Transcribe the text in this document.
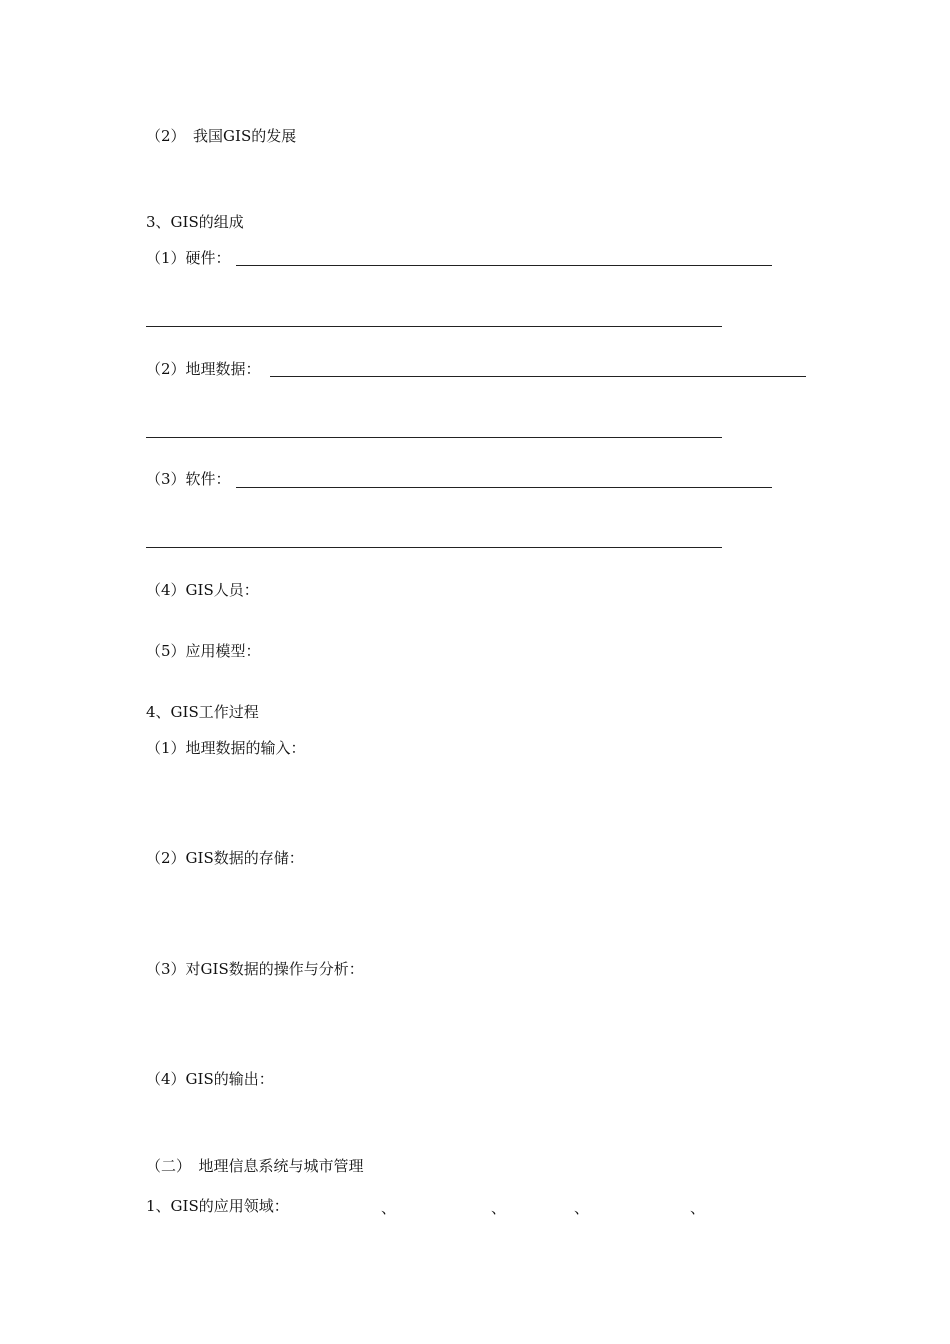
（2）　我国GIS的发展
3、GIS的组成
（1）硬件：
（2）地理数据：
（3）软件：
（4）GIS人员：
（5）应用模型：
4、GIS工作过程
（1）地理数据的输入：
（2）GIS数据的存储：
（3）对GIS数据的操作与分析：
（4）GIS的输出：
（二）　地理信息系统与城市管理
1、GIS的应用领域：	、	、	、	、
